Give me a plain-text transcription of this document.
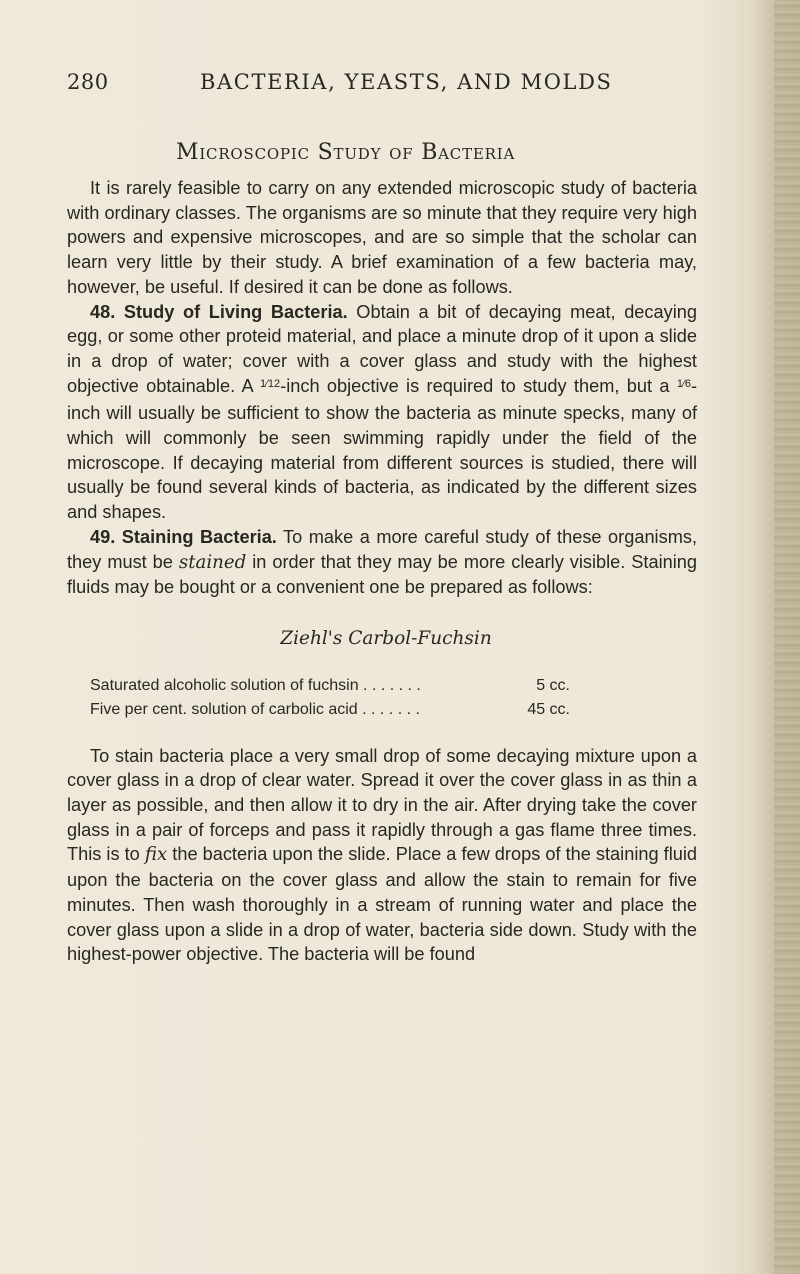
280	BACTERIA, YEASTS, AND MOLDS
Microscopic Study of Bacteria

It is rarely feasible to carry on any extended microscopic study of bacteria with ordinary classes. The organisms are so minute that they require very high powers and expensive microscopes, and are so simple that the scholar can learn very little by their study. A brief examination of a few bacteria may, however, be useful. If desired it can be done as follows.

48. Study of Living Bacteria. Obtain a bit of decaying meat, decaying egg, or some other proteid material, and place a minute drop of it upon a slide in a drop of water; cover with a cover glass and study with the highest objective obtainable. A $^{1⁄12}$-inch objective is required to study them, but a $^{1⁄6}$-inch will usually be sufficient to show the bacteria as minute specks, many of which will commonly be seen swimming rapidly under the field of the microscope. If decaying material from different sources is studied, there will usually be found several kinds of bacteria, as indicated by the different sizes and shapes.

49. Staining Bacteria. To make a more careful study of these organisms, they must be stained in order that they may be more clearly visible. Staining fluids may be bought or a convenient one be prepared as follows:

Ziehl's Carbol-Fuchsin
Saturated alcoholic solution of fuchsin . . . . . . .	5 cc.
Five per cent. solution of carbolic acid . . . . . . .	45 cc.

To stain bacteria place a very small drop of some decaying mixture upon a cover glass in a drop of clear water. Spread it over the cover glass in as thin a layer as possible, and then allow it to dry in the air. After drying take the cover glass in a pair of forceps and pass it rapidly through a gas flame three times. This is to fix the bacteria upon the slide. Place a few drops of the staining fluid upon the bacteria on the cover glass and allow the stain to remain for five minutes. Then wash thoroughly in a stream of running water and place the cover glass upon a slide in a drop of water, bacteria side down. Study with the highest-power objective. The bacteria will be found
